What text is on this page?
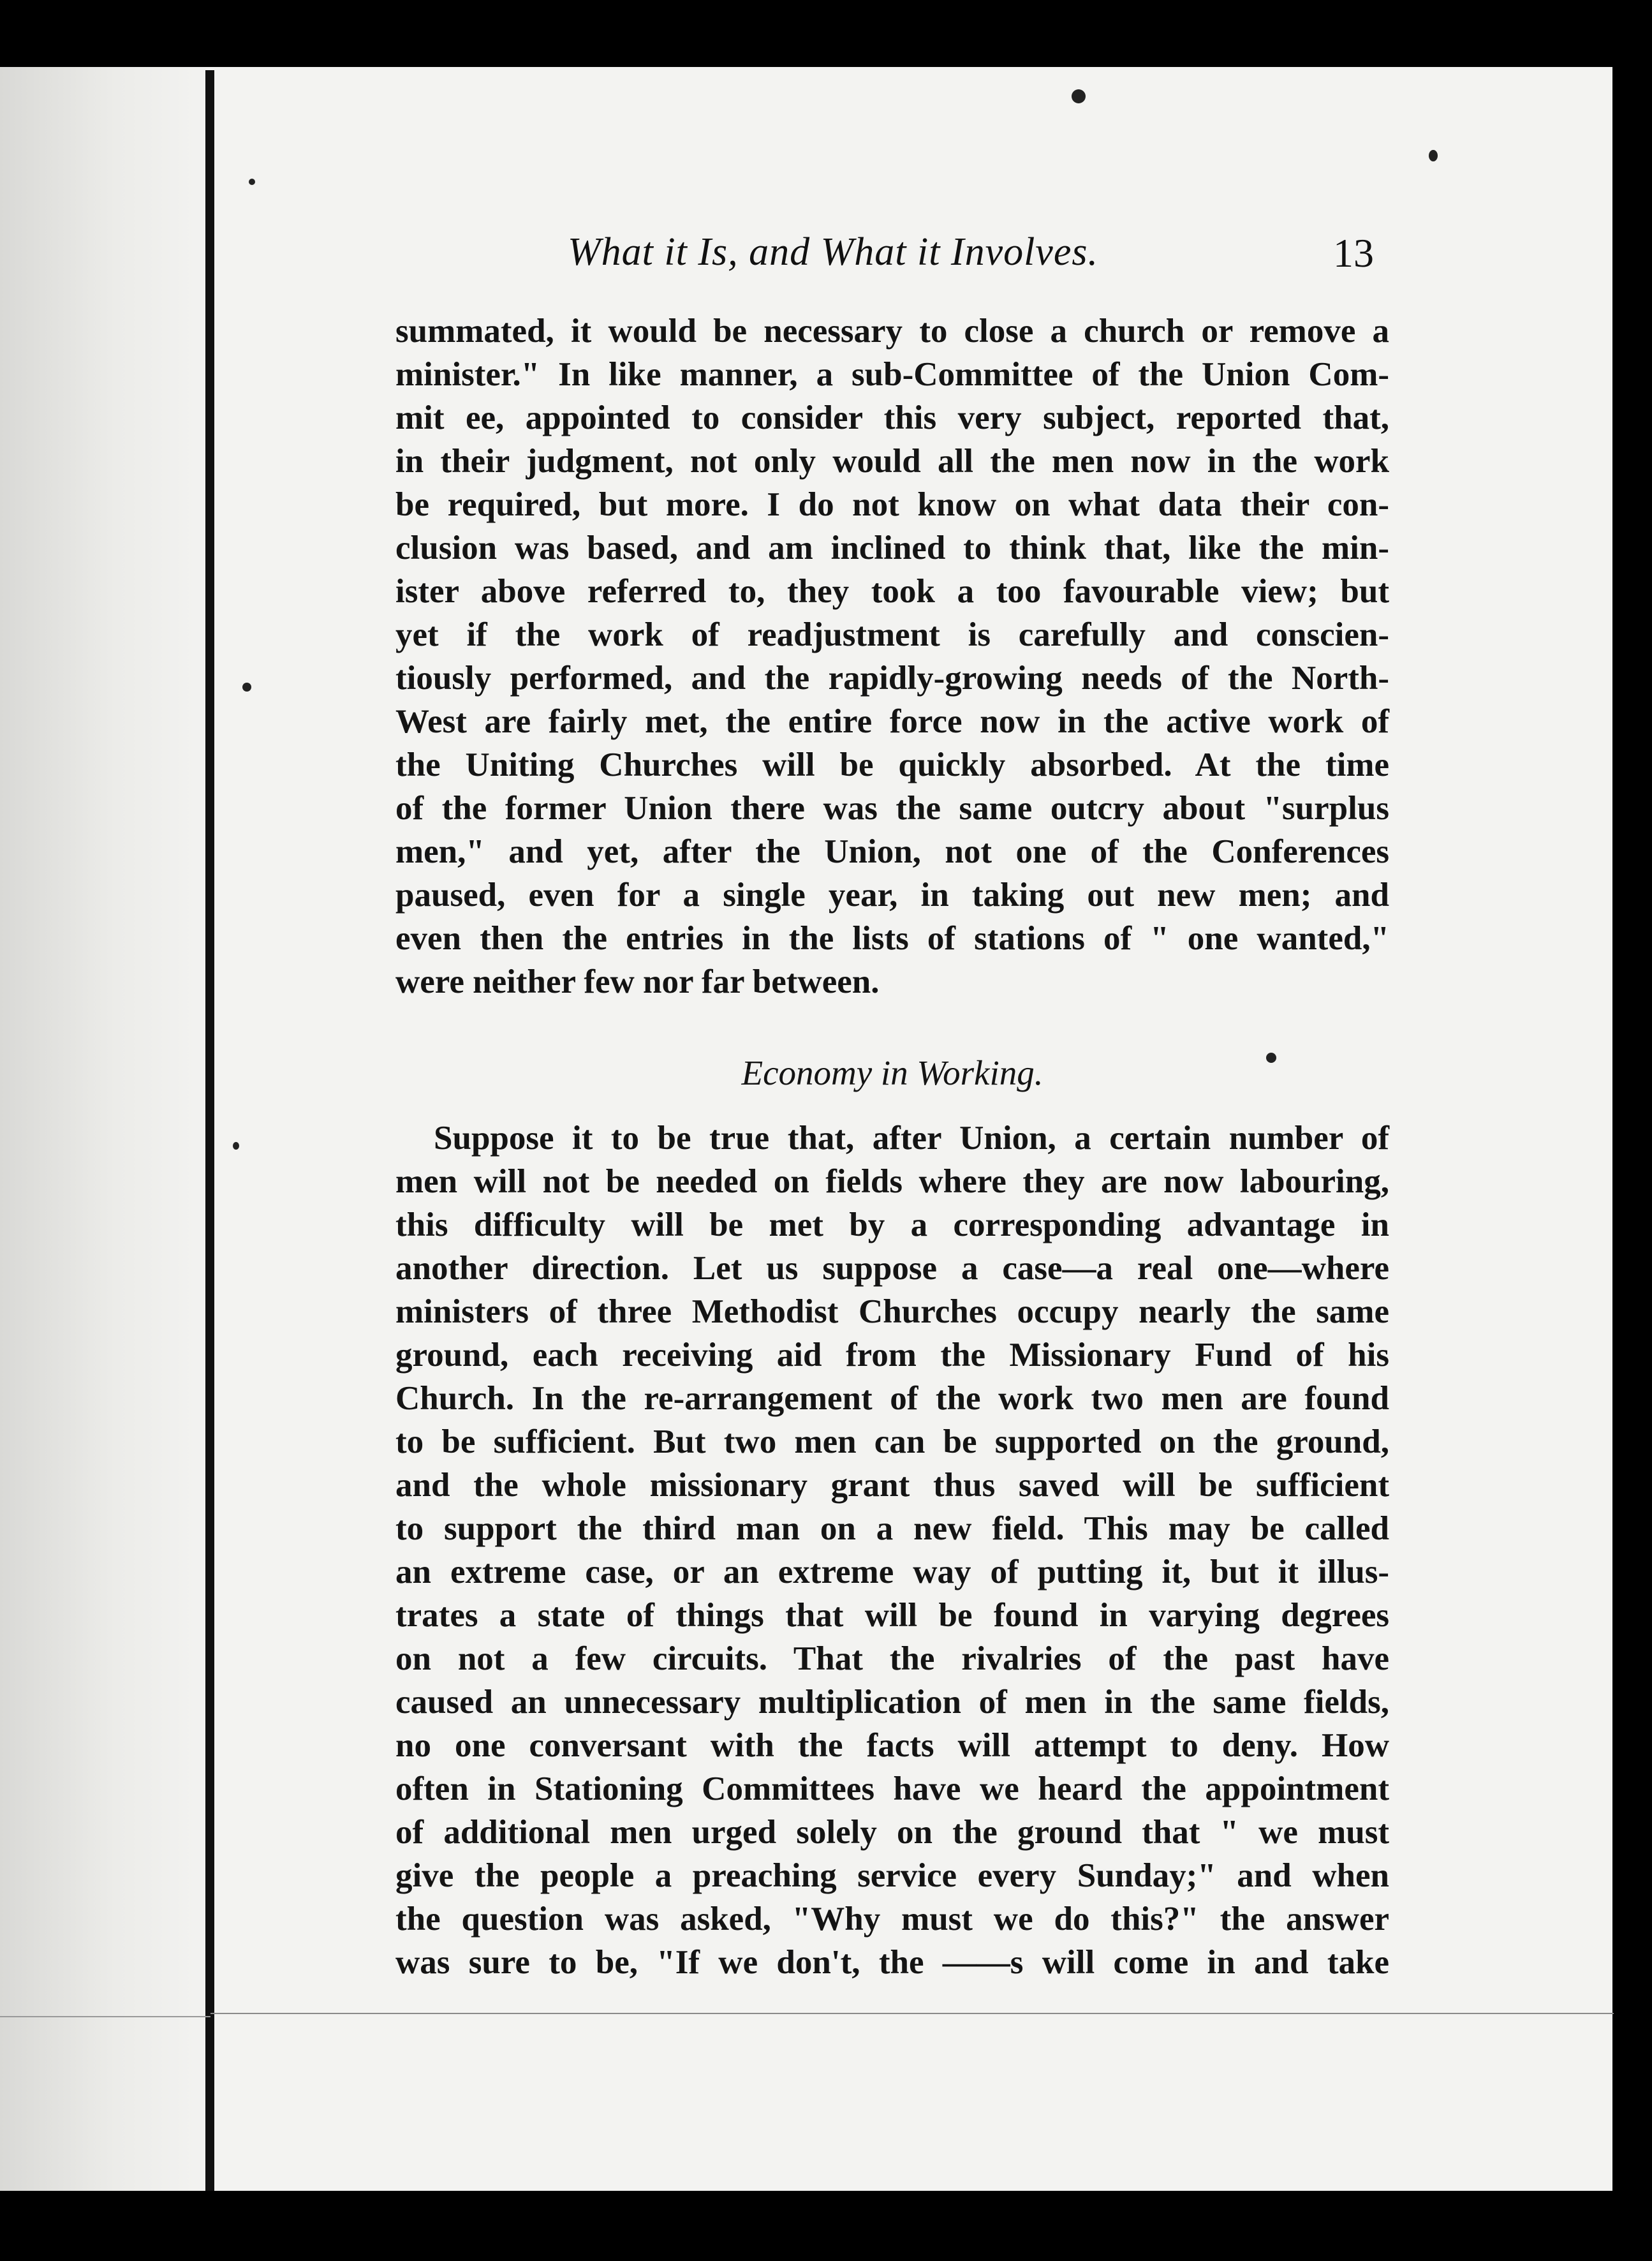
What it Is, and What it Involves.	13
summated, it would be necessary to close a church or remove a
minister." In like manner, a sub-Committee of the Union Com-
mit ee, appointed to consider this very subject, reported that,
in their judgment, not only would all the men now in the work
be required, but more. I do not know on what data their con-
clusion was based, and am inclined to think that, like the min-
ister above referred to, they took a too favourable view; but
yet if the work of readjustment is carefully and conscien-
tiously performed, and the rapidly-growing needs of the North-
West are fairly met, the entire force now in the active work of
the Uniting Churches will be quickly absorbed. At the time
of the former Union there was the same outcry about "surplus
men," and yet, after the Union, not one of the Conferences
paused, even for a single year, in taking out new men; and
even then the entries in the lists of stations of " one wanted,"
were neither few nor far between.
Economy in Working.
Suppose it to be true that, after Union, a certain number of
men will not be needed on fields where they are now labouring,
this difficulty will be met by a corresponding advantage in
another direction. Let us suppose a case—a real one—where
ministers of three Methodist Churches occupy nearly the same
ground, each receiving aid from the Missionary Fund of his
Church. In the re-arrangement of the work two men are found
to be sufficient. But two men can be supported on the ground,
and the whole missionary grant thus saved will be sufficient
to support the third man on a new field. This may be called
an extreme case, or an extreme way of putting it, but it illus-
trates a state of things that will be found in varying degrees
on not a few circuits. That the rivalries of the past have
caused an unnecessary multiplication of men in the same fields,
no one conversant with the facts will attempt to deny. How
often in Stationing Committees have we heard the appointment
of additional men urged solely on the ground that " we must
give the people a preaching service every Sunday;" and when
the question was asked, "Why must we do this?" the answer
was sure to be, "If we don't, the ——s will come in and take
